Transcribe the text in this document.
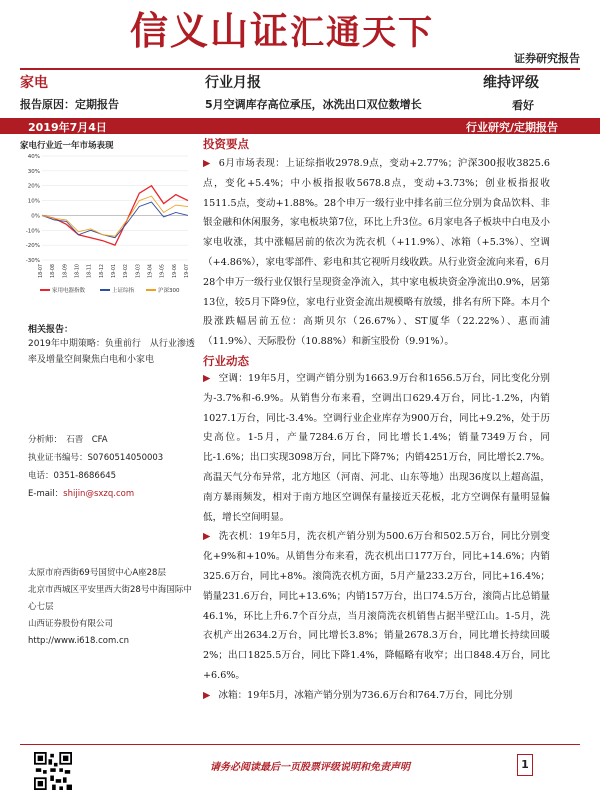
信义山证汇通天下
证券研究报告
家电	行业月报	维持评级
报告原因：定期报告	5月空调库存高位承压，冰洗出口双位数增长	看好
2019年7月4日	行业研究/定期报告
家电行业近一年市场表现
40%
30%
20%
10%
0%
-10%
-20%
-30%
18-07 18-08 18-09 18-10 18-11 18-12 19-01 19-02 19-03 19-04 19-05 19-06 19-07
家用电器指数	上证综指	沪深300
相关报告：
2019年中期策略：负重前行　从行业渗透率及增量空间聚焦白电和小家电
分析师：　石晋　CFA
执业证书编号：S0760514050003
电话：0351-8686645
E-mail：shijin@sxzq.com
太原市府西街69号国贸中心A座28层
北京市西城区平安里西大街28号中海国际中心七层
山西证券股份有限公司
http://www.i618.com.cn
投资要点
▶ 6月市场表现：上证综指收2978.9点，变动+2.77%；沪深300报收3825.6点，变化+5.4%；中小板指报收5678.8点，变动+3.73%；创业板指报收1511.5点，变动+1.88%。28个申万一级行业中排名前三位分别为食品饮料、非银金融和休闲服务，家电板块第7位，环比上升3位。6月家电各子板块中白电及小家电收涨，其中涨幅居前的依次为洗衣机（+11.9%）、冰箱（+5.3%）、空调（+4.86%），家电零部件、彩电和其它视听月线收跌。从行业资金流向来看，6月28个申万一级行业仅银行呈现资金净流入，其中家电板块资金净流出0.9%，居第13位，较5月下降9位，家电行业资金流出规模略有放缓，排名有所下降。本月个股涨跌幅居前五位：高斯贝尔（26.67%）、ST厦华（22.22%）、惠而浦（11.9%）、天际股份（10.88%）和新宝股份（9.91%）。
行业动态
▶ 空调：19年5月，空调产销分别为1663.9万台和1656.5万台，同比变化分别为-3.7%和-6.9%。从销售分布来看，空调出口629.4万台，同比-1.2%，内销1027.1万台，同比-3.4%。空调行业企业库存为900万台，同比+9.2%，处于历史高位。1-5月，产量7284.6万台，同比增长1.4%；销量7349万台，同比-1.6%；出口实现3098万台，同比下降7%；内销4251万台，同比增长2.7%。高温天气分布异常，北方地区（河南、河北、山东等地）出现36度以上超高温，南方暴雨频发，相对于南方地区空调保有量接近天花板，北方空调保有量明显偏低，增长空间明显。
▶ 洗衣机：19年5月，洗衣机产销分别为500.6万台和502.5万台，同比分别变化+9%和+10%。从销售分布来看，洗衣机出口177万台，同比+14.6%；内销325.6万台，同比+8%。滚筒洗衣机方面，5月产量233.2万台，同比+16.4%；销量231.6万台，同比+13.6%；内销157万台，出口74.5万台，滚筒占比总销量46.1%，环比上升6.7个百分点，当月滚筒洗衣机销售占据半壁江山。1-5月，洗衣机产出2634.2万台，同比增长3.8%；销量2678.3万台，同比增长持续回暖2%；出口1825.5万台，同比下降1.4%，降幅略有收窄；出口848.4万台，同比+6.6%。
▶ 冰箱：19年5月，冰箱产销分别为736.6万台和764.7万台，同比分别
请务必阅读最后一页股票评级说明和免责声明	1
